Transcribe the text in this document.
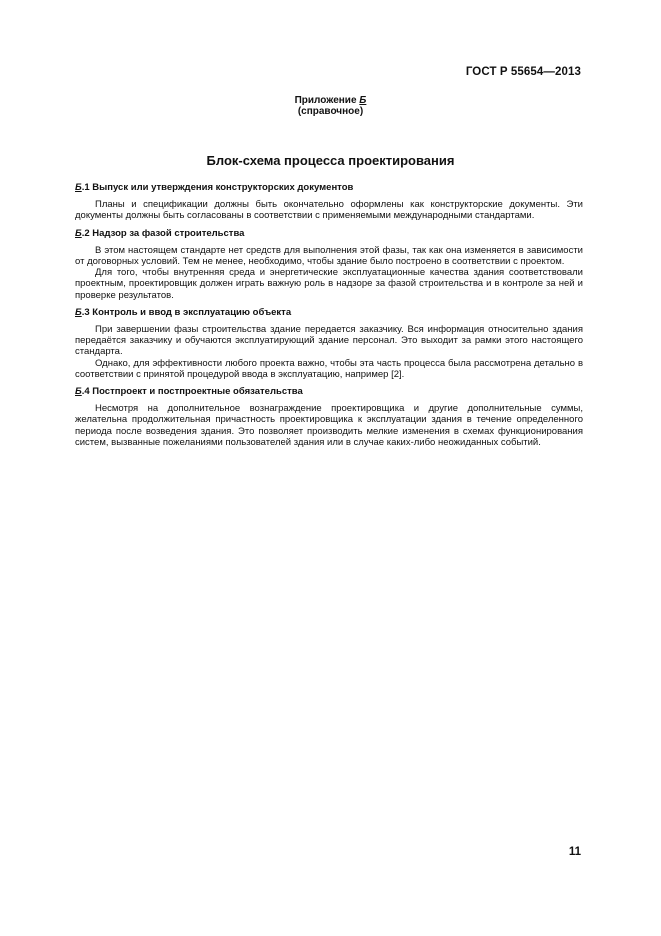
ГОСТ Р 55654—2013
Приложение Б
(справочное)
Блок-схема процесса проектирования
Б.1 Выпуск или утверждения конструкторских документов

Планы и спецификации должны быть окончательно оформлены как конструкторские документы. Эти документы должны быть согласованы в соответствии с применяемыми международными стандартами.

Б.2 Надзор за фазой строительства

В этом настоящем стандарте нет средств для выполнения этой фазы, так как она изменяется в зависимости от договорных условий. Тем не менее, необходимо, чтобы здание было построено в соответствии с проектом.

Для того, чтобы внутренняя среда и энергетические эксплуатационные качества здания соответствовали проектным, проектировщик должен играть важную роль в надзоре за фазой строительства и в контроле за ней и проверке результатов.

Б.3 Контроль и ввод в эксплуатацию объекта

При завершении фазы строительства здание передается заказчику. Вся информация относительно здания передаётся заказчику и обучаются эксплуатирующий здание персонал. Это выходит за рамки этого настоящего стандарта.

Однако, для эффективности любого проекта важно, чтобы эта часть процесса была рассмотрена детально в соответствии с принятой процедурой ввода в эксплуатацию, например [2].

Б.4 Постпроект и постпроектные обязательства

Несмотря на дополнительное вознаграждение проектировщика и другие дополнительные суммы, желательна продолжительная причастность проектировщика к эксплуатации здания в течение определенного периода после возведения здания. Это позволяет производить мелкие изменения в схемах функционирования систем, вызванные пожеланиями пользователей здания или в случае каких-либо неожиданных событий.

11
